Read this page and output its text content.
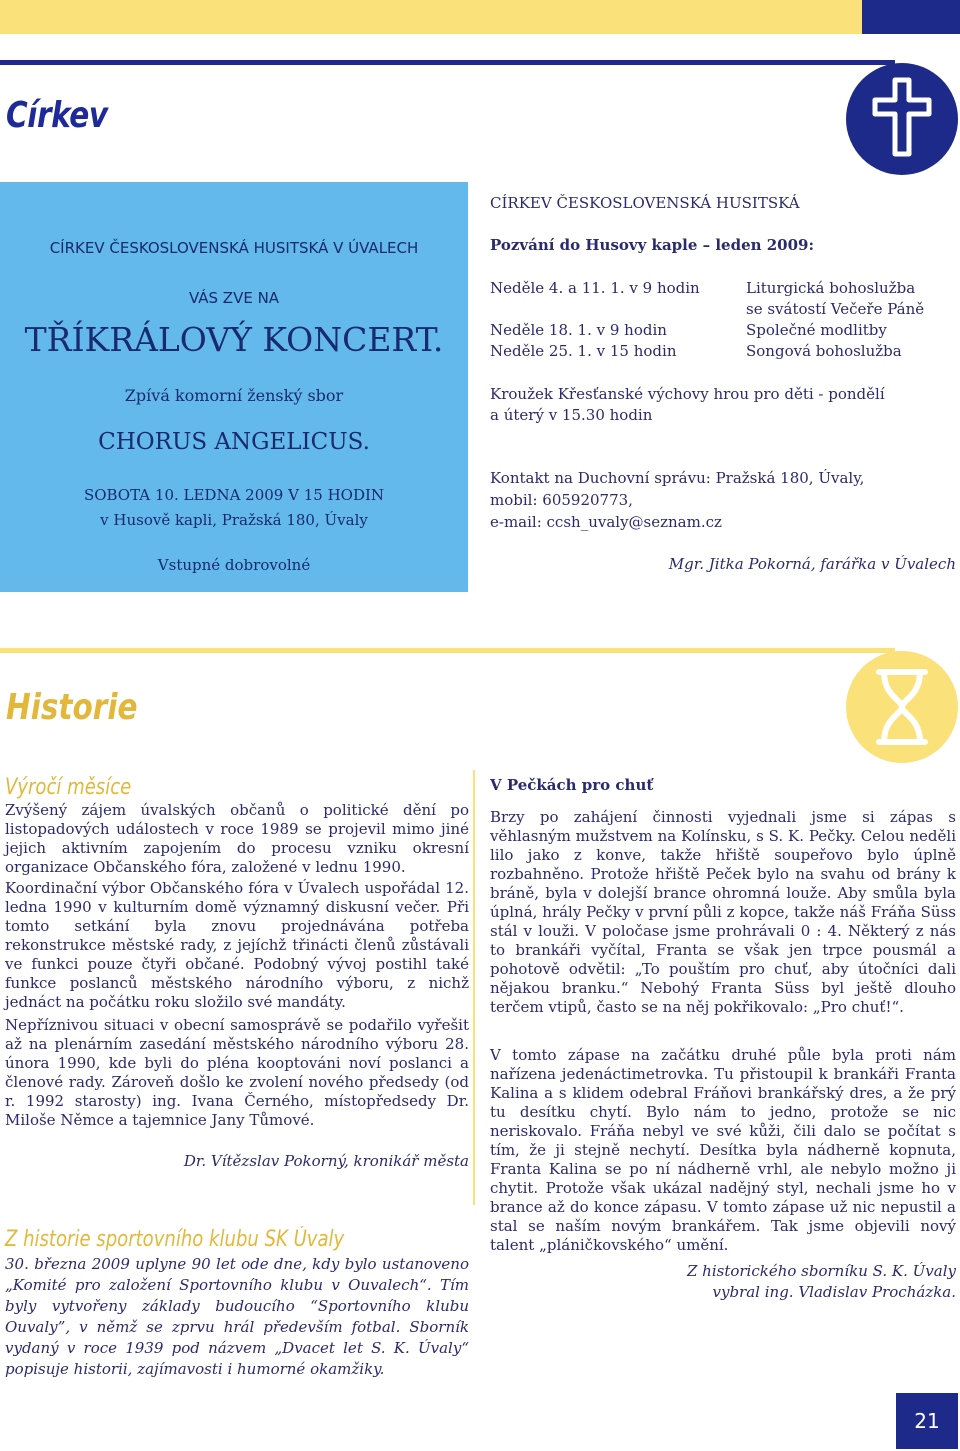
1/2009
Církev
CÍRKEV ČESKOSLOVENSKÁ HUSITSKÁ V ÚVALECH
VÁS ZVE NA
TŘÍKRÁLOVÝ KONCERT.
Zpívá komorní ženský sbor
CHORUS ANGELICUS.
SOBOTA 10. LEDNA 2009 V 15 HODIN
v Husově kapli, Pražská 180, Úvaly
Vstupné dobrovolné
CÍRKEV ČESKOSLOVENSKÁ HUSITSKÁ
Pozvání do Husovy kaple – leden 2009:
Neděle 4. a 11. 1. v 9 hodin	Liturgická bohoslužba
se svátostí Večeře Páně
Neděle 18. 1. v 9 hodin	Společné modlitby
Neděle 25. 1. v 15 hodin	Songová bohoslužba
Kroužek Křesťanské výchovy hrou pro děti - pondělí
a úterý v 15.30 hodin
Kontakt na Duchovní správu: Pražská 180, Úvaly,
mobil: 605920773,
e-mail: ccsh_uvaly@seznam.cz
Mgr. Jitka Pokorná, farářka v Úvalech
Historie
Výročí měsíce
Zvýšený zájem úvalských občanů o politické dění po listopadových událostech v roce 1989 se projevil mimo jiné jejich aktivním zapojením do procesu vzniku okresní organizace Občanského fóra, založené v lednu 1990.
Koordinační výbor Občanského fóra v Úvalech uspořádal 12. ledna 1990 v kulturním domě významný diskusní večer. Při tomto setkání byla znovu projednávána potřeba rekonstrukce městské rady, z jejíchž třinácti členů zůstávali ve funkci pouze čtyři občané. Podobný vývoj postihl také funkce poslanců městského národního výboru, z nichž jednáct na počátku roku složilo své mandáty.
Nepříznivou situaci v obecní samosprávě se podařilo vyřešit až na plenárním zasedání městského národního výboru 28. února 1990, kde byli do pléna kooptováni noví poslanci a členové rady. Zároveň došlo ke zvolení nového předsedy (od r. 1992 starosty) ing. Ivana Černého, místopředsedy Dr. Miloše Němce a tajemnice Jany Tůmové.
Dr. Vítězslav Pokorný, kronikář města
Z historie sportovního klubu SK Úvaly
30. března 2009 uplyne 90 let ode dne, kdy bylo ustanoveno „Komité pro založení Sportovního klubu v Ouvalech“. Tím byly vytvořeny základy budoucího “Sportovního klubu Ouvaly”, v němž se zprvu hrál především fotbal. Sborník vydaný v roce 1939 pod názvem „Dvacet let S. K. Úvaly“ popisuje historii, zajímavosti i humorné okamžiky.
V Pečkách pro chuť
Brzy po zahájení činnosti vyjednali jsme si zápas s věhlasným mužstvem na Kolínsku, s S. K. Pečky. Celou neděli lilo jako z konve, takže hřiště soupeřovo bylo úplně rozbahněno. Protože hřiště Peček bylo na svahu od brány k bráně, byla v dolejší brance ohromná louže. Aby smůla byla úplná, hrály Pečky v první půli z kopce, takže náš Fráňa Süss stál v louži. V poločase jsme prohrávali 0 : 4. Některý z nás to brankáři vyčítal, Franta se však jen trpce pousmál a pohotově odvětil: „To pouštím pro chuť, aby útočníci dali nějakou branku.“ Nebohý Franta Süss byl ještě dlouho terčem vtipů, často se na něj pokřikovalo: „Pro chuť!“.
V tomto zápase na začátku druhé půle byla proti nám nařízena jedenáctimetrovka. Tu přistoupil k brankáři Franta Kalina a s klidem odebral Fráňovi brankářský dres, a že prý tu desítku chytí. Bylo nám to jedno, protože se nic neriskovalo. Fráňa nebyl ve své kůži, čili dalo se počítat s tím, že ji stejně nechytí. Desítka byla nádherně kopnuta, Franta Kalina se po ní nádherně vrhl, ale nebylo možno ji chytit. Protože však ukázal nadějný styl, nechali jsme ho v brance až do konce zápasu. V tomto zápase už nic nepustil a stal se naším novým brankářem. Tak jsme objevili nový talent „pláničkovského“ umění.
Z historického sborníku S. K. Úvaly
vybral ing. Vladislav Procházka.
21
